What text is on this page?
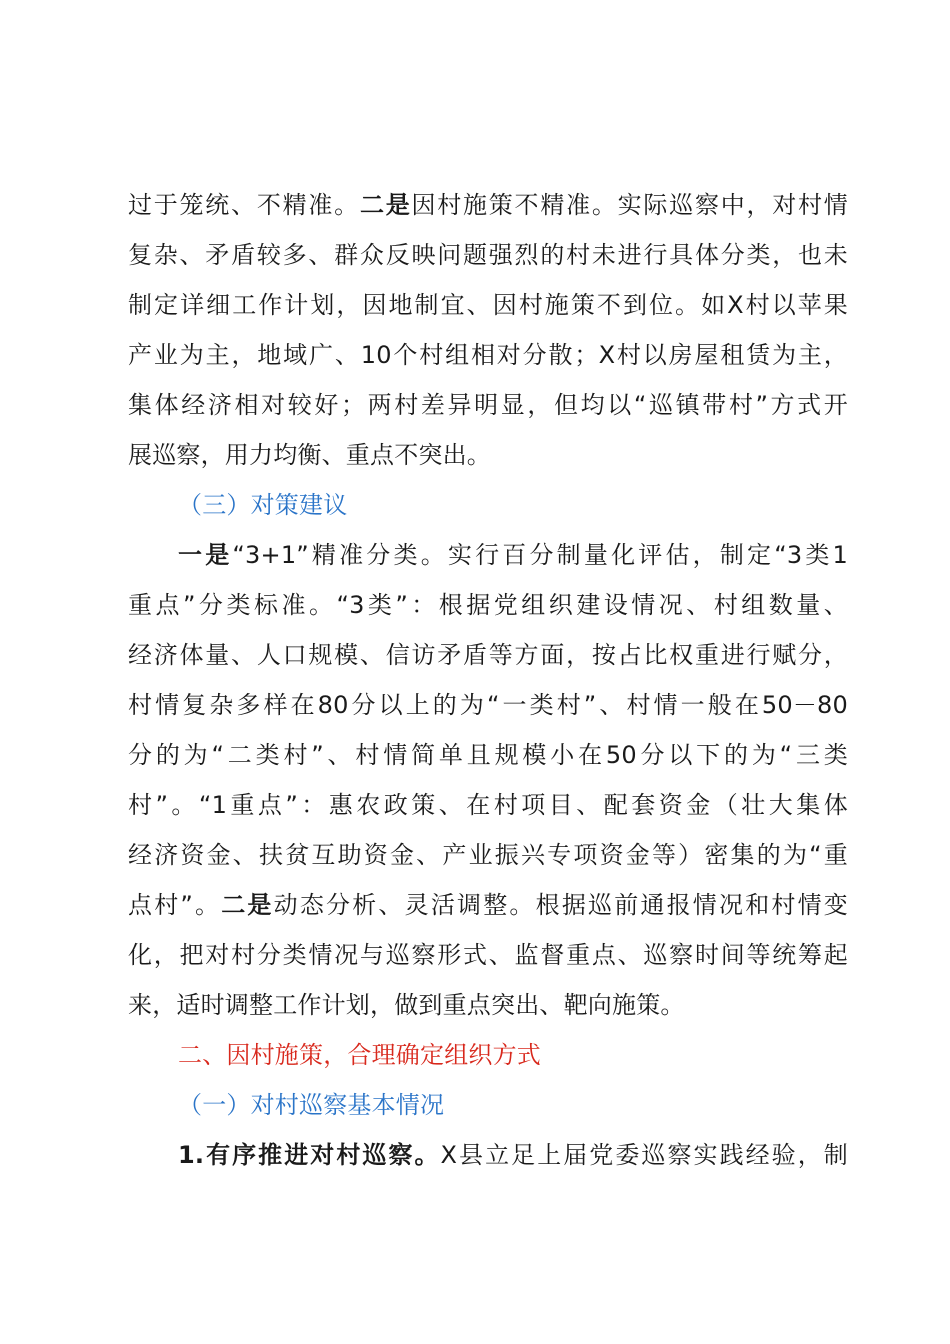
过于笼统、不精准。二是因村施策不精准。实际巡察中，对村情
复杂、矛盾较多、群众反映问题强烈的村未进行具体分类，也未
制定详细工作计划，因地制宜、因村施策不到位。如X村以苹果
产业为主，地域广、10个村组相对分散；X村以房屋租赁为主，
集体经济相对较好；两村差异明显，但均以“巡镇带村”方式开
展巡察，用力均衡、重点不突出。
（三）对策建议
一是“3+1”精准分类。实行百分制量化评估，制定“3类1
重点”分类标准。“3类”：根据党组织建设情况、村组数量、
经济体量、人口规模、信访矛盾等方面，按占比权重进行赋分，
村情复杂多样在80分以上的为“一类村”、村情一般在50－80
分的为“二类村”、村情简单且规模小在50分以下的为“三类
村”。“1重点”：惠农政策、在村项目、配套资金（壮大集体
经济资金、扶贫互助资金、产业振兴专项资金等）密集的为“重
点村”。二是动态分析、灵活调整。根据巡前通报情况和村情变
化，把对村分类情况与巡察形式、监督重点、巡察时间等统筹起
来，适时调整工作计划，做到重点突出、靶向施策。
二、因村施策，合理确定组织方式
（一）对村巡察基本情况
1.有序推进对村巡察。X县立足上届党委巡察实践经验，制
